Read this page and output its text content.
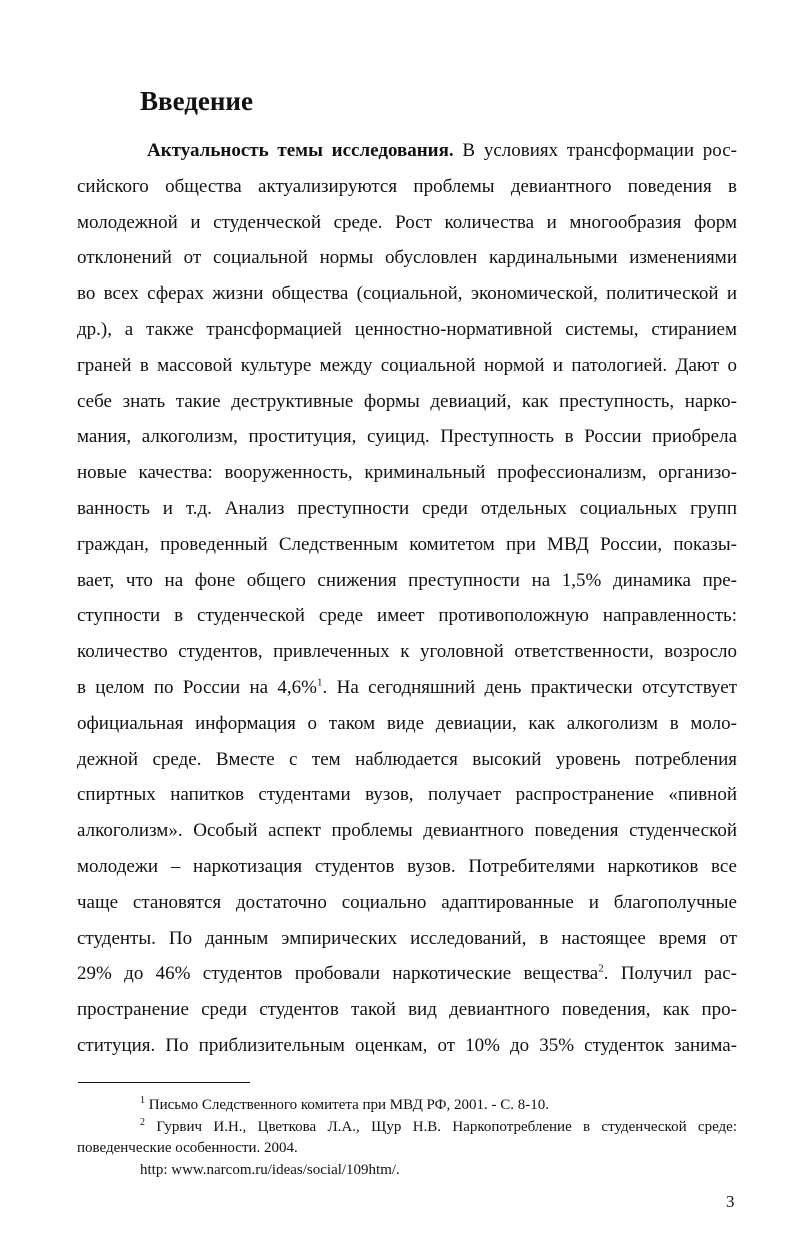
Введение
Актуальность темы исследования. В условиях трансформации рос-
сийского общества актуализируются проблемы девиантного поведения в
молодежной и студенческой среде. Рост количества и многообразия форм
отклонений от социальной нормы обусловлен кардинальными изменениями
во всех сферах жизни общества (социальной, экономической, политической и
др.), а также трансформацией ценностно-нормативной системы, стиранием
граней в массовой культуре между социальной нормой и патологией. Дают о
себе знать такие деструктивные формы девиаций, как преступность, нарко-
мания, алкоголизм, проституция, суицид. Преступность в России приобрела
новые качества: вооруженность, криминальный профессионализм, организо-
ванность и т.д. Анализ преступности среди отдельных социальных групп
граждан, проведенный Следственным комитетом при МВД России, показы-
вает, что на фоне общего снижения преступности на 1,5% динамика пре-
ступности в студенческой среде имеет противоположную направленность:
количество студентов, привлеченных к уголовной ответственности, возросло
в целом по России на 4,6%$^1$. На сегодняшний день практически отсутствует
официальная информация о таком виде девиации, как алкоголизм в моло-
дежной среде. Вместе с тем наблюдается высокий уровень потребления
спиртных напитков студентами вузов, получает распространение «пивной
алкоголизм». Особый аспект проблемы девиантного поведения студенческой
молодежи – наркотизация студентов вузов. Потребителями наркотиков все
чаще становятся достаточно социально адаптированные и благополучные
студенты. По данным эмпирических исследований, в настоящее время от
29% до 46% студентов пробовали наркотические вещества$^2$. Получил рас-
пространение среди студентов такой вид девиантного поведения, как про-
ституция. По приблизительным оценкам, от 10% до 35% студенток занима-
$^1$ Письмо Следственного комитета при МВД РФ, 2001. - С. 8-10.
$^2$ Гурвич И.Н., Цветкова Л.А., Щур Н.В. Наркопотребление в студенческой среде:
поведенческие особенности. 2004.
http: www.narcom.ru/ideas/social/109htm/.
3
